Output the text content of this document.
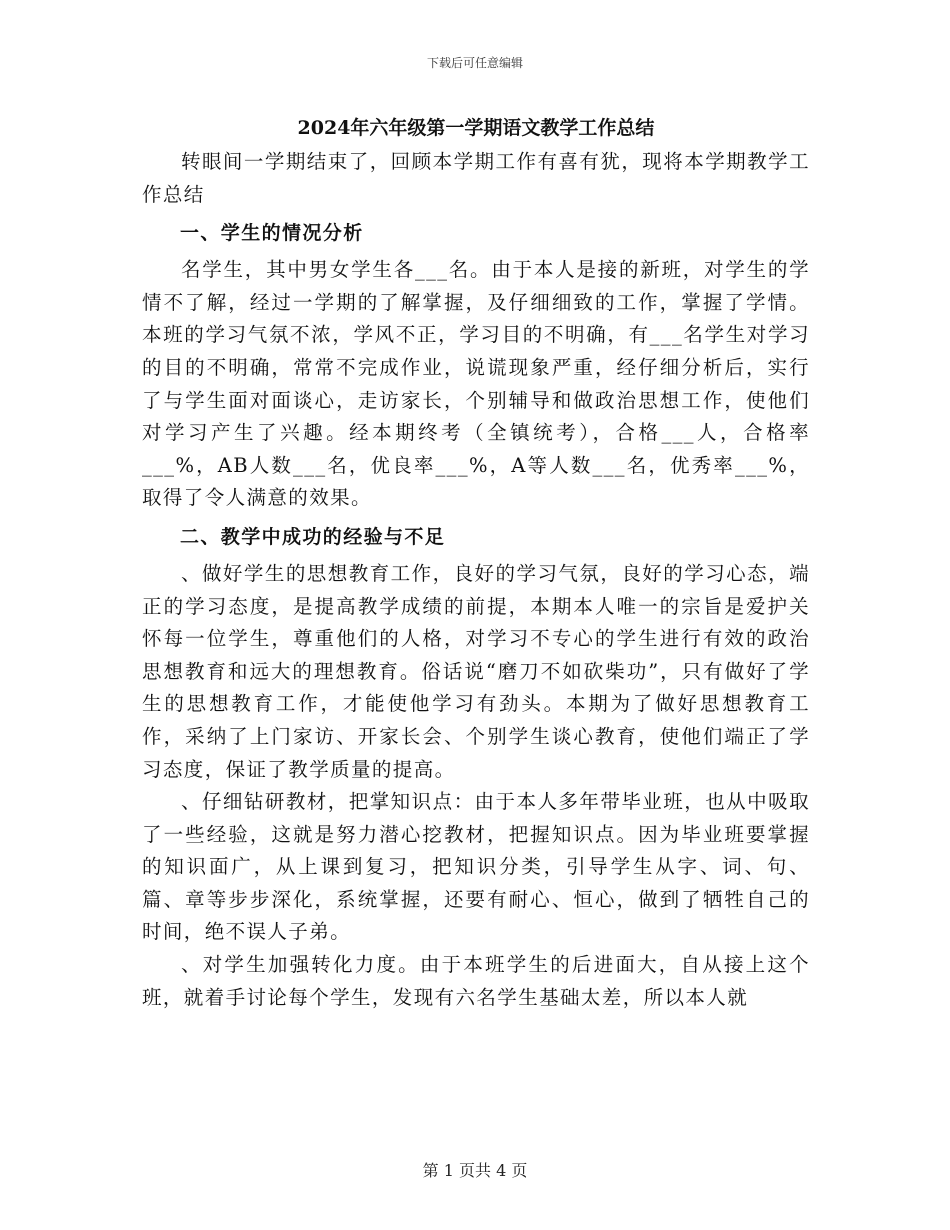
下载后可任意编辑
2024年六年级第一学期语文教学工作总结

转眼间一学期结束了，回顾本学期工作有喜有犹，现将本学期教学工作总结

一、学生的情况分析

名学生，其中男女学生各___名。由于本人是接的新班，对学生的学情不了解，经过一学期的了解掌握，及仔细细致的工作，掌握了学情。本班的学习气氛不浓，学风不正，学习目的不明确，有___名学生对学习的目的不明确，常常不完成作业，说谎现象严重，经仔细分析后，实行了与学生面对面谈心，走访家长，个别辅导和做政治思想工作，使他们对学习产生了兴趣。经本期终考（全镇统考），合格___人，合格率___%，AB人数___名，优良率___%，A等人数___名，优秀率___%，取得了令人满意的效果。

二、教学中成功的经验与不足

、做好学生的思想教育工作，良好的学习气氛，良好的学习心态，端正的学习态度，是提高教学成绩的前提，本期本人唯一的宗旨是爱护关怀每一位学生，尊重他们的人格，对学习不专心的学生进行有效的政治思想教育和远大的理想教育。俗话说“磨刀不如砍柴功”，只有做好了学生的思想教育工作，才能使他学习有劲头。本期为了做好思想教育工作，采纳了上门家访、开家长会、个别学生谈心教育，使他们端正了学习态度，保证了教学质量的提高。

、仔细钻研教材，把掌知识点：由于本人多年带毕业班，也从中吸取了一些经验，这就是努力潜心挖教材，把握知识点。因为毕业班要掌握的知识面广，从上课到复习，把知识分类，引导学生从字、词、句、篇、章等步步深化，系统掌握，还要有耐心、恒心，做到了牺牲自己的时间，绝不误人子弟。

、对学生加强转化力度。由于本班学生的后进面大，自从接上这个班，就着手讨论每个学生，发现有六名学生基础太差，所以本人就

第 1 页共 4 页
